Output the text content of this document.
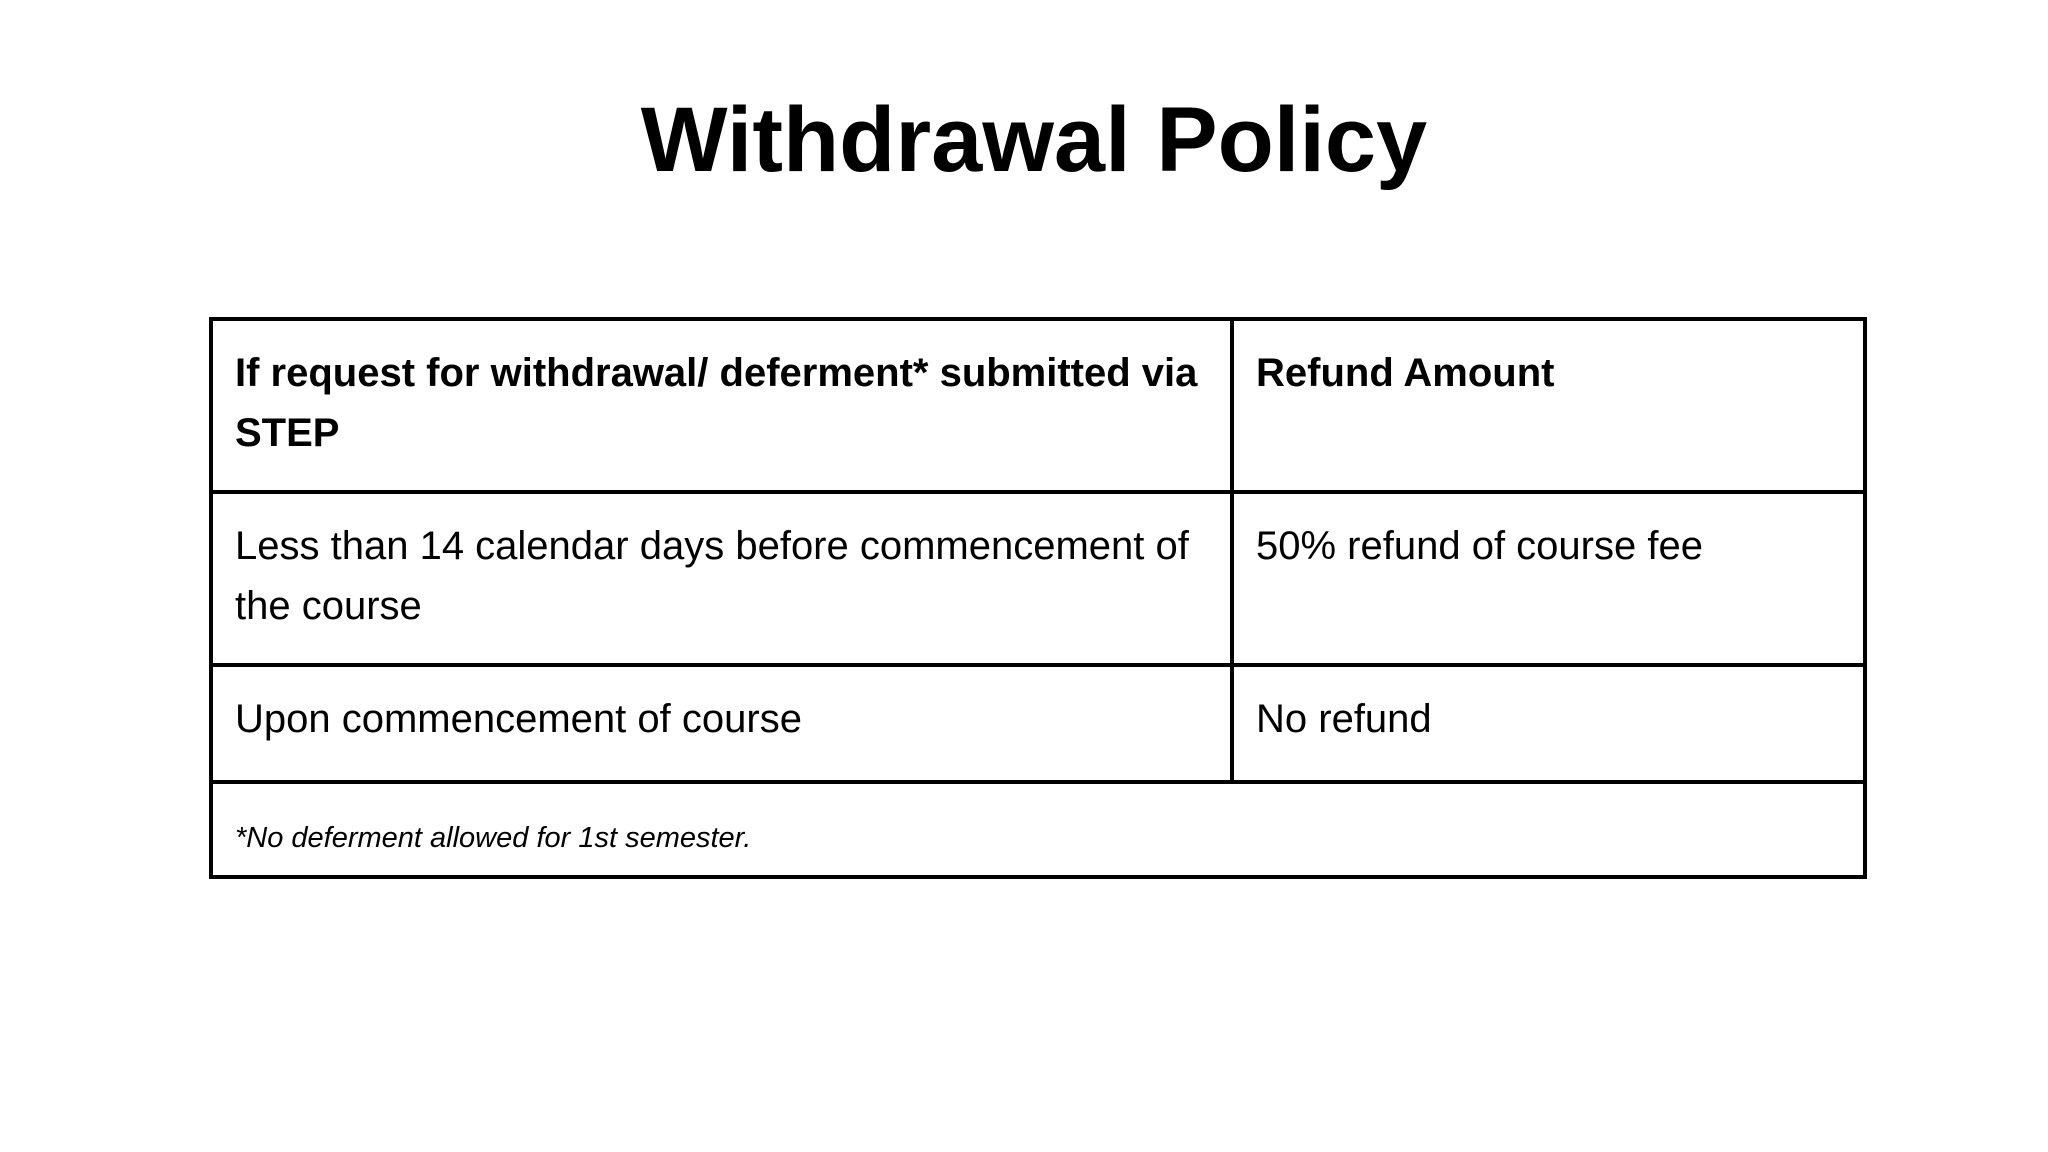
Withdrawal Policy
If request for withdrawal/ deferment* submitted via STEP	Refund Amount
Less than 14 calendar days before commencement of the course	50% refund of course fee
Upon commencement of course	No refund
*No deferment allowed for 1st semester.	
